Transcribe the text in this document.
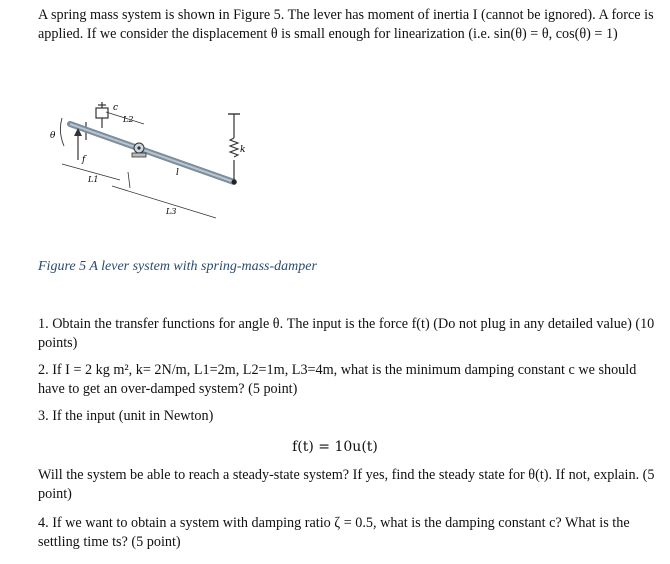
A spring mass system is shown in Figure 5. The lever has moment of inertia I (cannot be ignored). A force is applied. If we consider the displacement θ is small enough for linearization (i.e. sin(θ) = θ, cos(θ) = 1)
c
L2
θ
f
L1
l
L3
k
Figure 5 A lever system with spring-mass-damper
1. Obtain the transfer functions for angle θ. The input is the force f(t) (Do not plug in any detailed value) (10 points)
2. If I = 2 kg m², k= 2N/m, L1=2m, L2=1m, L3=4m, what is the minimum damping constant c we should have to get an over-damped system? (5 point)
3. If the input (unit in Newton)
f(t) = 10u(t)
Will the system be able to reach a steady-state system? If yes, find the steady state for θ(t). If not, explain. (5 point)
4. If we want to obtain a system with damping ratio ζ = 0.5, what is the damping constant c? What is the settling time ts? (5 point)
